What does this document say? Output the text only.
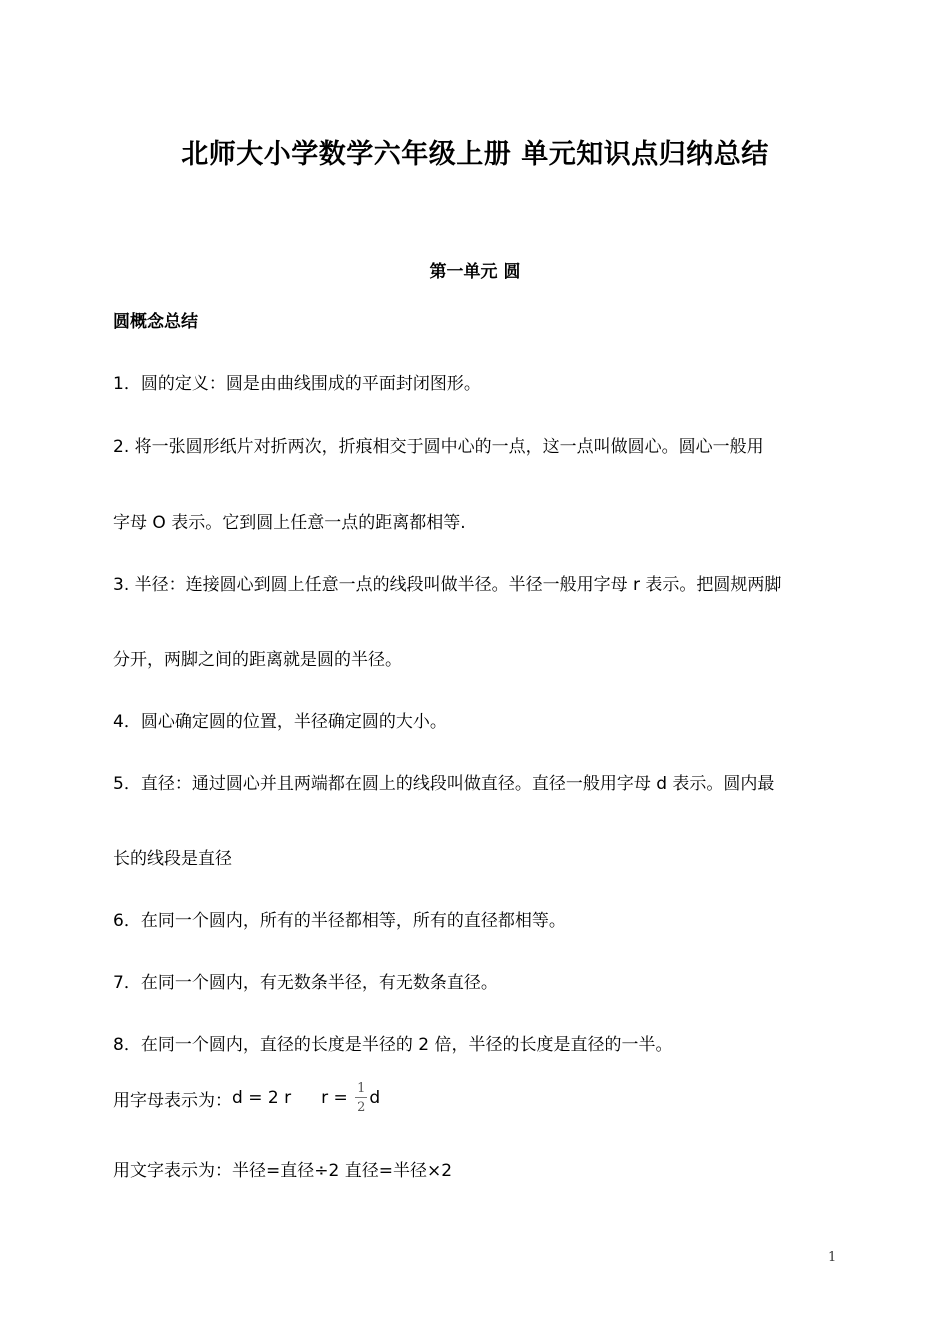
北师大小学数学六年级上册 单元知识点归纳总结
第一单元 圆
圆概念总结
1．圆的定义：圆是由曲线围成的平面封闭图形。
2. 将一张圆形纸片对折两次，折痕相交于圆中心的一点，这一点叫做圆心。圆心一般用
字母 O 表示。它到圆上任意一点的距离都相等.
3. 半径：连接圆心到圆上任意一点的线段叫做半径。半径一般用字母 r 表示。把圆规两脚
分开，两脚之间的距离就是圆的半径。
4．圆心确定圆的位置，半径确定圆的大小。
5．直径：通过圆心并且两端都在圆上的线段叫做直径。直径一般用字母 d 表示。圆内最
长的线段是直径
6．在同一个圆内，所有的半径都相等，所有的直径都相等。
7．在同一个圆内，有无数条半径，有无数条直径。
8．在同一个圆内，直径的长度是半径的 2 倍，半径的长度是直径的一半。
用字母表示为：d = 2 r $r = \frac{1}{2}$ d
用文字表示为：半径=直径÷2 直径=半径×2
1
